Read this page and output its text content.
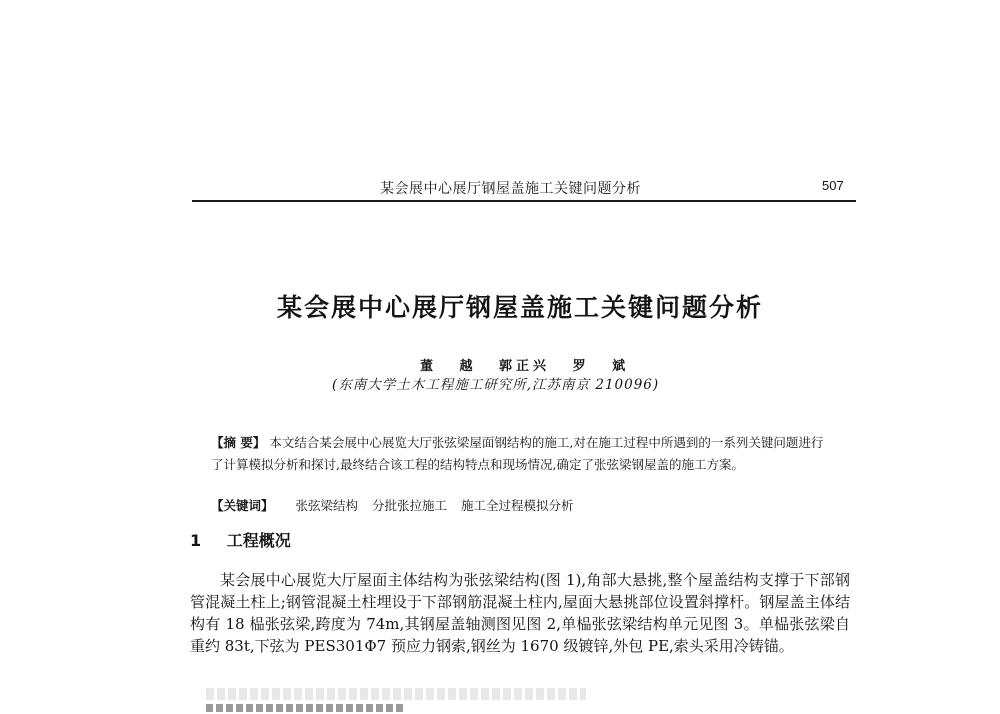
某会展中心展厅钢屋盖施工关键问题分析	507
某会展中心展厅钢屋盖施工关键问题分析
董 越 郭正兴 罗 斌
(东南大学土木工程施工研究所,江苏南京 210096)
【摘 要】 本文结合某会展中心展览大厅张弦梁屋面钢结构的施工,对在施工过程中所遇到的一系列关键问题进行了计算模拟分析和探讨,最终结合该工程的结构特点和现场情况,确定了张弦梁钢屋盖的施工方案。
【关键词】 张弦梁结构 分批张拉施工 施工全过程模拟分析
1 工程概况
某会展中心展览大厅屋面主体结构为张弦梁结构(图 1),角部大悬挑,整个屋盖结构支撑于下部钢管混凝土柱上;钢管混凝土柱埋设于下部钢筋混凝土柱内,屋面大悬挑部位设置斜撑杆。钢屋盖主体结构有 18 榀张弦梁,跨度为 74m,其钢屋盖轴测图见图 2,单榀张弦梁结构单元见图 3。单榀张弦梁自重约 83t,下弦为 PES301Φ7 预应力钢索,钢丝为 1670 级镀锌,外包 PE,索头采用冷铸锚。
